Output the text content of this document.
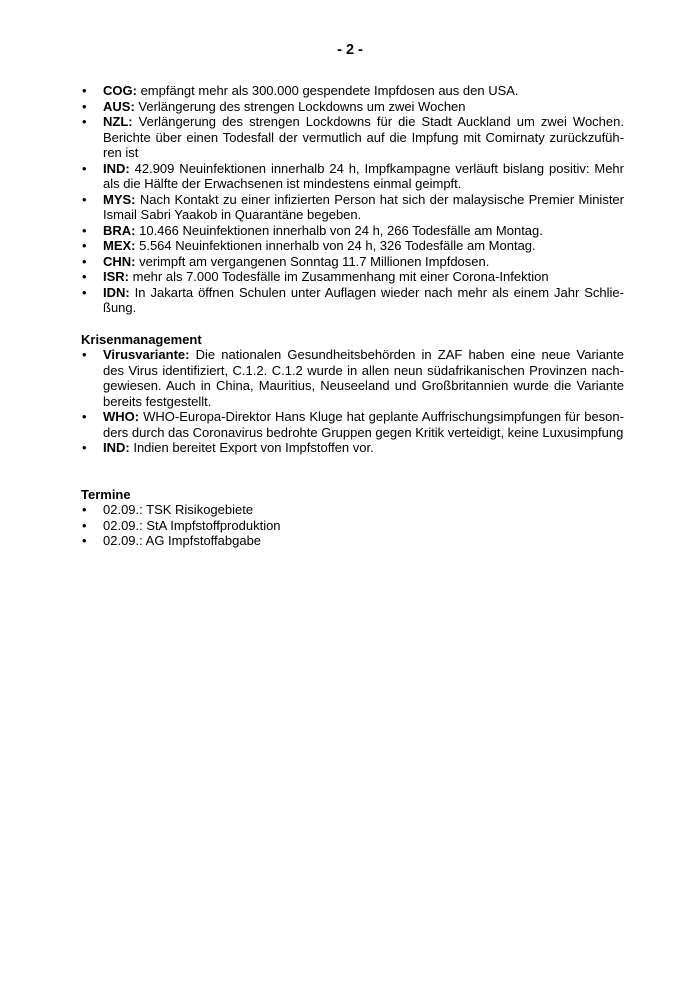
- 2 -
• COG: empfängt mehr als 300.000 gespendete Impfdosen aus den USA.
• AUS: Verlängerung des strengen Lockdowns um zwei Wochen
• NZL: Verlängerung des strengen Lockdowns für die Stadt Auckland um zwei Wochen. Berichte über einen Todesfall der vermutlich auf die Impfung mit Comirnaty zurückzuführen ist
• IND: 42.909 Neuinfektionen innerhalb 24 h, Impfkampagne verläuft bislang positiv: Mehr als die Hälfte der Erwachsenen ist mindestens einmal geimpft.
• MYS: Nach Kontakt zu einer infizierten Person hat sich der malaysische Premier Minister Ismail Sabri Yaakob in Quarantäne begeben.
• BRA: 10.466 Neuinfektionen innerhalb von 24 h, 266 Todesfälle am Montag.
• MEX: 5.564 Neuinfektionen innerhalb von 24 h, 326 Todesfälle am Montag.
• CHN: verimpft am vergangenen Sonntag 11.7 Millionen Impfdosen.
• ISR: mehr als 7.000 Todesfälle im Zusammenhang mit einer Corona-Infektion
• IDN: In Jakarta öffnen Schulen unter Auflagen wieder nach mehr als einem Jahr Schließung.
Krisenmanagement
• Virusvariante: Die nationalen Gesundheitsbehörden in ZAF haben eine neue Variante des Virus identifiziert, C.1.2. C.1.2 wurde in allen neun südafrikanischen Provinzen nachgewiesen. Auch in China, Mauritius, Neuseeland und Großbritannien wurde die Variante bereits festgestellt.
• WHO: WHO-Europa-Direktor Hans Kluge hat geplante Auffrischungsimpfungen für besonders durch das Coronavirus bedrohte Gruppen gegen Kritik verteidigt, keine Luxusimpfung
• IND: Indien bereitet Export von Impfstoffen vor.
Termine
• 02.09.: TSK Risikogebiete
• 02.09.: StA Impfstoffproduktion
• 02.09.: AG Impfstoffabgabe
